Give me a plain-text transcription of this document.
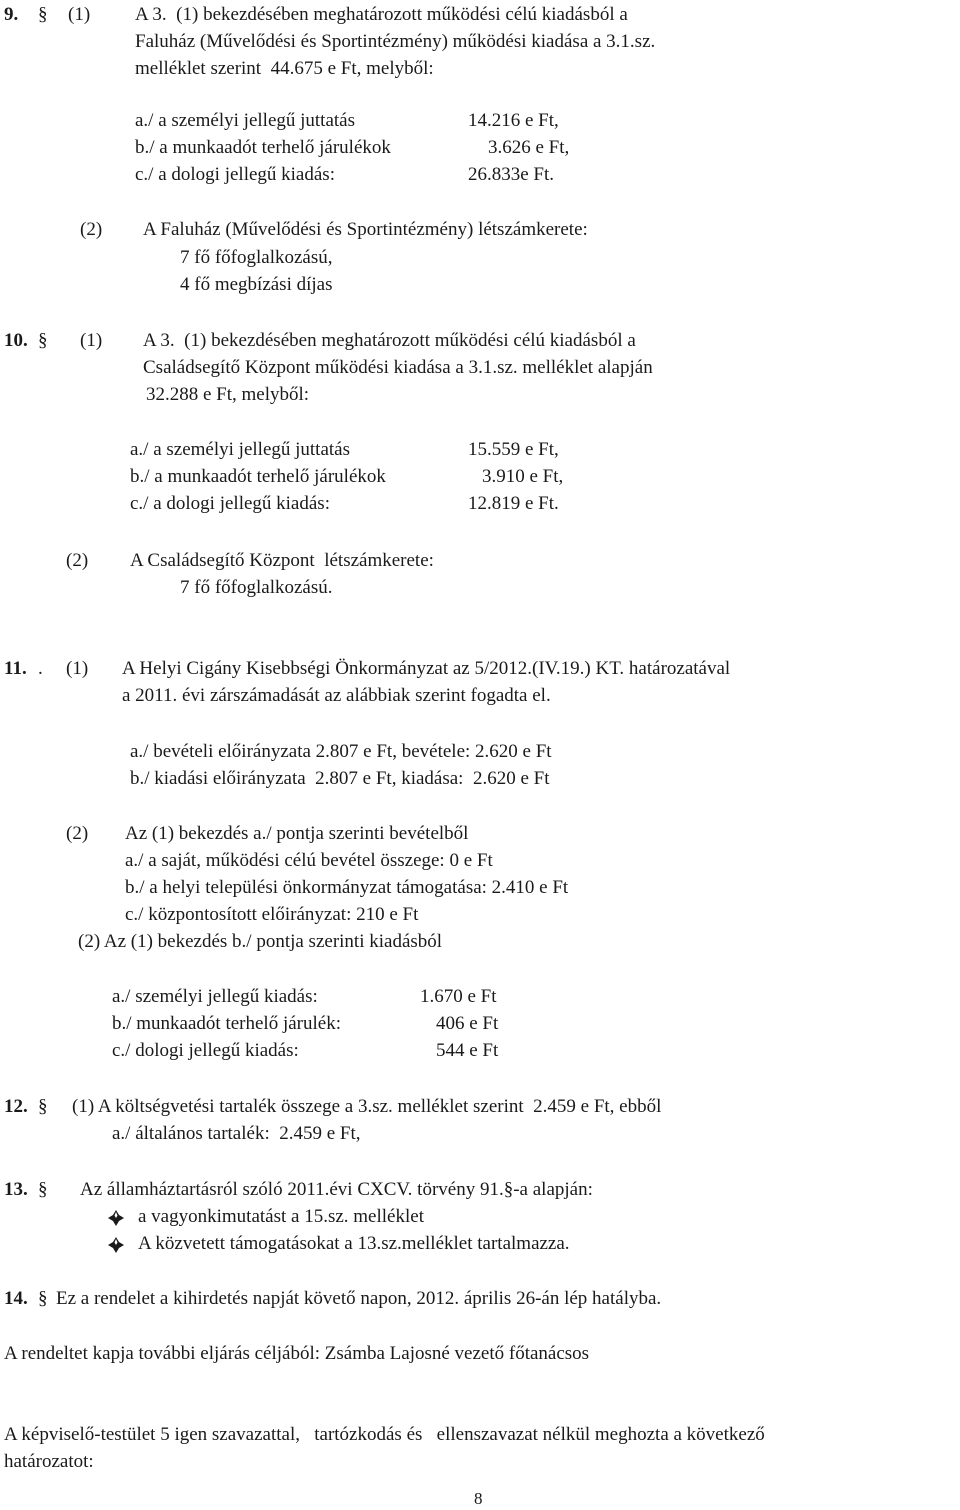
9. § (1) A 3.  (1) bekezdésében meghatározott működési célú kiadásból a
Faluház (Művelődési és Sportintézmény) működési kiadása a 3.1.sz.
melléklet szerint  44.675 e Ft, melyből:
a./ a személyi jellegű juttatás	14.216 e Ft,
b./ a munkaadót terhelő járulékok	3.626 e Ft,
c./ a dologi jellegű kiadás:	26.833e Ft.
(2) A Faluház (Művelődési és Sportintézmény) létszámkerete:
7 fő főfoglalkozású,
4 fő megbízási díjas
10. § (1) A 3.  (1) bekezdésében meghatározott működési célú kiadásból a
Családsegítő Központ működési kiadása a 3.1.sz. melléklet alapján
32.288 e Ft, melyből:
a./ a személyi jellegű juttatás	15.559 e Ft,
b./ a munkaadót terhelő járulékok	3.910 e Ft,
c./ a dologi jellegű kiadás:	12.819 e Ft.
(2) A Családsegítő Központ  létszámkerete:
7 fő főfoglalkozású.
11. . (1) A Helyi Cigány Kisebbségi Önkormányzat az 5/2012.(IV.19.) KT. határozatával
a 2011. évi zárszámadását az alábbiak szerint fogadta el.
a./ bevételi előirányzata 2.807 e Ft, bevétele: 2.620 e Ft
b./ kiadási előirányzata  2.807 e Ft, kiadása:  2.620 e Ft
(2) Az (1) bekezdés a./ pontja szerinti bevételből
a./ a saját, működési célú bevétel összege: 0 e Ft
b./ a helyi települési önkormányzat támogatása: 2.410 e Ft
c./ központosított előirányzat: 210 e Ft
(2) Az (1) bekezdés b./ pontja szerinti kiadásból
a./ személyi jellegű kiadás:	1.670 e Ft
b./ munkaadót terhelő járulék:	406 e Ft
c./ dologi jellegű kiadás:	544 e Ft
12. § (1) A költségvetési tartalék összege a 3.sz. melléklet szerint  2.459 e Ft, ebből
a./ általános tartalék:  2.459 e Ft,
13. § Az államháztartásról szóló 2011.évi CXCV. törvény 91.§-a alapján:
a vagyonkimutatást a 15.sz. melléklet
A közvetett támogatásokat a 13.sz.melléklet tartalmazza.
14. § Ez a rendelet a kihirdetés napját követő napon, 2012. április 26-án lép hatályba.
A rendeltet kapja további eljárás céljából: Zsámba Lajosné vezető főtanácsos
A képviselő-testület 5 igen szavazattal,   tartózkodás és   ellenszavazat nélkül meghozta a következő
határozatot:
8
